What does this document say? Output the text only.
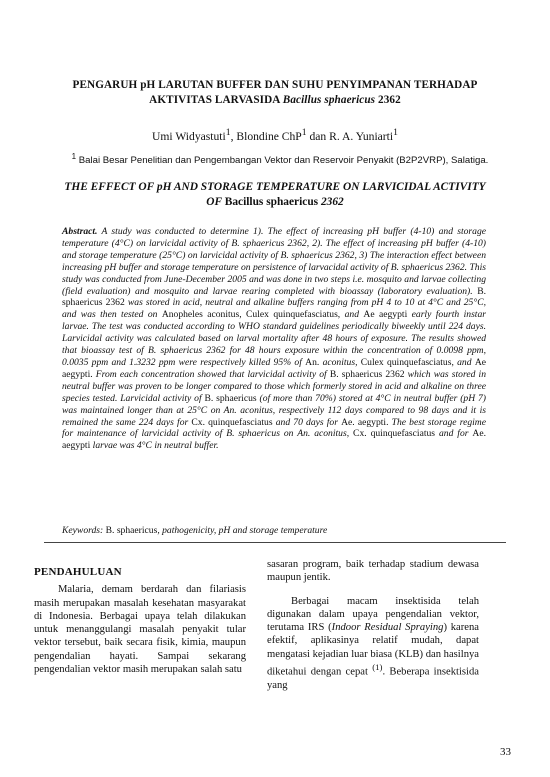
PENGARUH pH LARUTAN BUFFER DAN SUHU PENYIMPANAN TERHADAP
AKTIVITAS LARVASIDA Bacillus sphaericus 2362
Umi Widyastuti$^1$, Blondine ChP$^1$ dan R. A. Yuniarti$^1$
$^1$ Balai Besar Penelitian dan Pengembangan Vektor dan Reservoir Penyakit (B2P2VRP), Salatiga.
THE EFFECT OF pH AND STORAGE TEMPERATURE ON LARVICIDAL ACTIVITY
OF Bacillus sphaericus 2362
Abstract. A study was conducted to determine 1). The effect of increasing pH buffer (4-10) and storage temperature (4°C) on larvicidal activity of B. sphaericus 2362, 2). The effect of increasing pH buffer (4-10) and storage temperature (25°C) on larvicidal activity of B. sphaericus 2362, 3) The interaction effect between increasing pH buffer and storage temperature on persistence of larvacidal activity of B. sphaericus 2362. This study was conducted from June-December 2005 and was done in two steps i.e. mosquito and larvae collecting (field evaluation) and mosquito and larvae rearing completed with bioassay (laboratory evaluation). B. sphaericus 2362 was stored in acid, neutral and alkaline buffers ranging from pH 4 to 10 at 4°C and 25°C, and was then tested on Anopheles aconitus, Culex quinquefasciatus, and Ae aegypti early fourth instar larvae. The test was conducted according to WHO standard guidelines periodically biweekly until 224 days. Larvicidal activity was calculated based on larval mortality after 48 hours of exposure. The results showed that bioassay test of B. sphaericus 2362 for 48 hours exposure within the concentration of 0.0098 ppm, 0.0035 ppm and 1.3232 ppm were respectively killed 95% of An. aconitus, Culex quinquefasciatus, and Ae aegypti. From each concentration showed that larvicidal activity of B. sphaericus 2362 which was stored in neutral buffer was proven to be longer compared to those which formerly stored in acid and alkaline on three species tested. Larvicidal activity of B. sphaericus (of more than 70%) stored at 4°C in neutral buffer (pH 7) was maintained longer than at 25°C on An. aconitus, respectively 112 days compared to 98 days and it is remained the same 224 days for Cx. quinquefasciatus and 70 days for Ae. aegypti. The best storage regime for maintenance of larvicidal activity of B. sphaericus on An. aconitus, Cx. quinquefasciatus and for Ae. aegypti larvae was 4°C in neutral buffer.
Keywords: B. sphaericus, pathogenicity, pH and storage temperature
PENDAHULUAN

Malaria, demam berdarah dan filariasis masih merupakan masalah kesehatan masyarakat di Indonesia. Berbagai upaya telah dilakukan untuk menanggulangi masalah penyakit tular vektor tersebut, baik secara fisik, kimia, maupun pengendalian hayati. Sampai sekarang pengendalian vektor masih merupakan salah satu

sasaran program, baik terhadap stadium dewasa maupun jentik.

Berbagai macam insektisida telah digunakan dalam upaya pengendalian vektor, terutama IRS (Indoor Residual Spraying) karena efektif, aplikasinya relatif mudah, dapat mengatasi kejadian luar biasa (KLB) dan hasilnya diketahui dengan cepat $^{(1)}$. Beberapa insektisida yang

33
